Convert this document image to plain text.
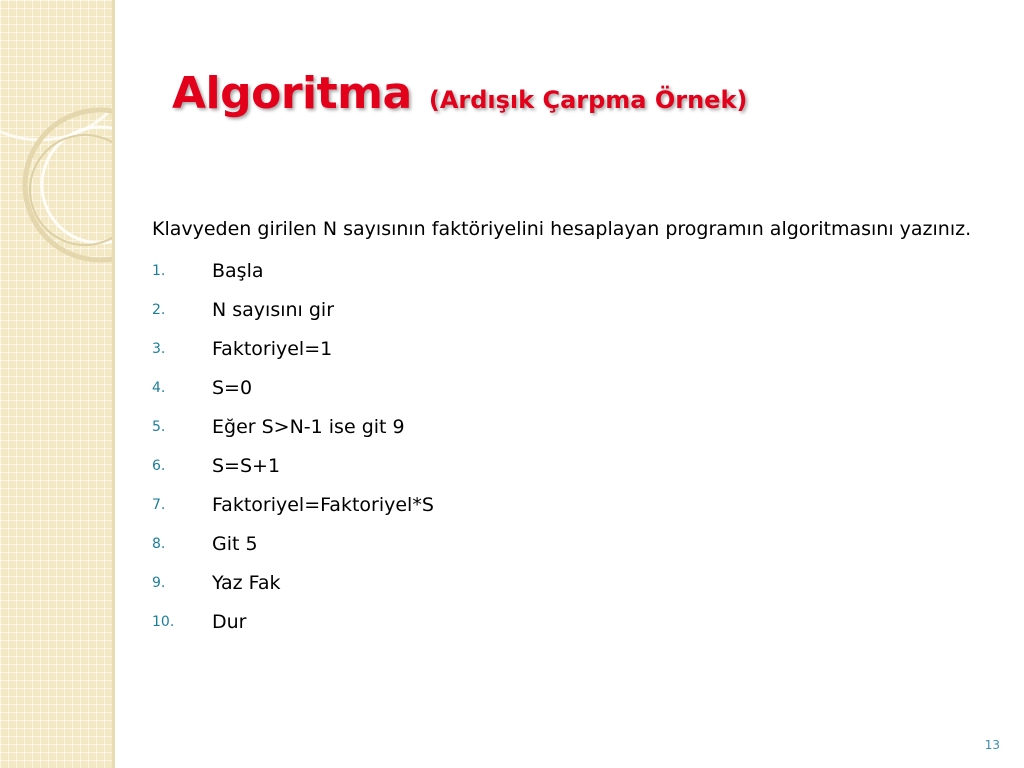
Algoritma (Ardışık Çarpma Örnek)

Klavyeden girilen N sayısının faktöriyelini hesaplayan programın algoritmasını yazınız.

1. Başla
2. N sayısını gir
3. Faktoriyel=1
4. S=0
5. Eğer S>N-1 ise git 9
6. S=S+1
7. Faktoriyel=Faktoriyel*S
8. Git 5
9. Yaz Fak
10. Dur
13
